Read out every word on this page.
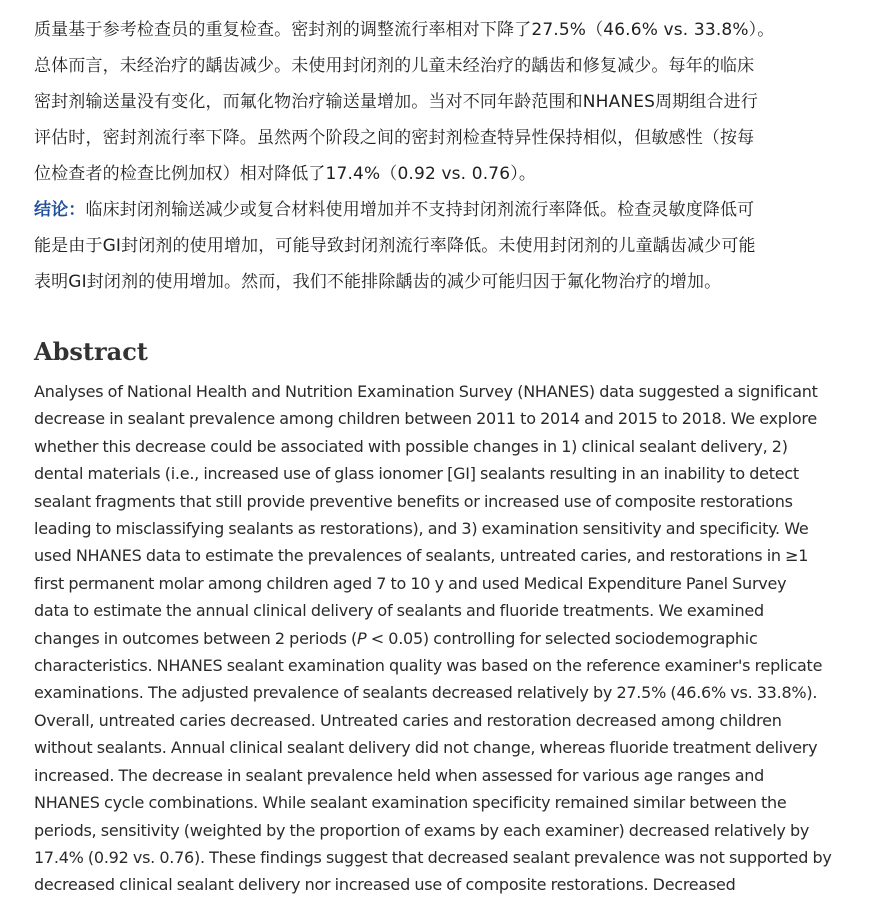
质量基于参考检查员的重复检查。密封剂的调整流行率相对下降了27.5%（46.6% vs. 33.8%）。
总体而言，未经治疗的龋齿减少。未使用封闭剂的儿童未经治疗的龋齿和修复减少。每年的临床
密封剂输送量没有变化，而氟化物治疗输送量增加。当对不同年龄范围和NHANES周期组合进行
评估时，密封剂流行率下降。虽然两个阶段之间的密封剂检查特异性保持相似，但敏感性（按每
位检查者的检查比例加权）相对降低了17.4%（0.92 vs. 0.76）。

结论：临床封闭剂输送减少或复合材料使用增加并不支持封闭剂流行率降低。检查灵敏度降低可
能是由于GI封闭剂的使用增加，可能导致封闭剂流行率降低。未使用封闭剂的儿童龋齿减少可能
表明GI封闭剂的使用增加。然而，我们不能排除龋齿的减少可能归因于氟化物治疗的增加。

Abstract

Analyses of National Health and Nutrition Examination Survey (NHANES) data suggested a significant
decrease in sealant prevalence among children between 2011 to 2014 and 2015 to 2018. We explore
whether this decrease could be associated with possible changes in 1) clinical sealant delivery, 2)
dental materials (i.e., increased use of glass ionomer [GI] sealants resulting in an inability to detect
sealant fragments that still provide preventive benefits or increased use of composite restorations
leading to misclassifying sealants as restorations), and 3) examination sensitivity and specificity. We
used NHANES data to estimate the prevalences of sealants, untreated caries, and restorations in ≥1
first permanent molar among children aged 7 to 10 y and used Medical Expenditure Panel Survey
data to estimate the annual clinical delivery of sealants and fluoride treatments. We examined
changes in outcomes between 2 periods (P < 0.05) controlling for selected sociodemographic
characteristics. NHANES sealant examination quality was based on the reference examiner's replicate
examinations. The adjusted prevalence of sealants decreased relatively by 27.5% (46.6% vs. 33.8%).
Overall, untreated caries decreased. Untreated caries and restoration decreased among children
without sealants. Annual clinical sealant delivery did not change, whereas fluoride treatment delivery
increased. The decrease in sealant prevalence held when assessed for various age ranges and
NHANES cycle combinations. While sealant examination specificity remained similar between the
periods, sensitivity (weighted by the proportion of exams by each examiner) decreased relatively by
17.4% (0.92 vs. 0.76). These findings suggest that decreased sealant prevalence was not supported by
decreased clinical sealant delivery nor increased use of composite restorations. Decreased
